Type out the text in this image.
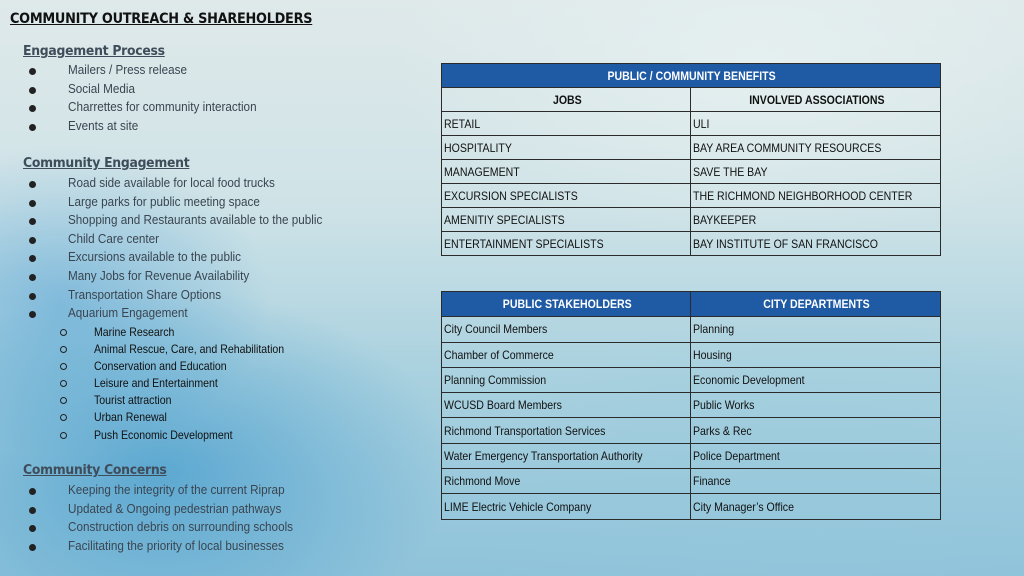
COMMUNITY OUTREACH & SHAREHOLDERS
Engagement Process
Mailers / Press release
Social Media
Charrettes for community interaction
Events at site
Community Engagement
Road side available for local food trucks
Large parks for public meeting space
Shopping and Restaurants available to the public
Child Care center
Excursions available to the public
Many Jobs for Revenue Availability
Transportation Share Options
Aquarium Engagement
Marine Research
Animal Rescue, Care, and Rehabilitation
Conservation and Education
Leisure and Entertainment
Tourist attraction
Urban Renewal
Push Economic Development
Community Concerns
Keeping the integrity of the current Riprap
Updated & Ongoing pedestrian pathways
Construction debris on surrounding schools
Facilitating the priority of local businesses
PUBLIC / COMMUNITY BENEFITS	
JOBS	INVOLVED ASSOCIATIONS
RETAIL	ULI
HOSPITALITY	BAY AREA COMMUNITY RESOURCES
MANAGEMENT	SAVE THE BAY
EXCURSION SPECIALISTS	THE RICHMOND NEIGHBORHOOD CENTER
AMENITIY SPECIALISTS	BAYKEEPER
ENTERTAINMENT SPECIALISTS	BAY INSTITUTE OF SAN FRANCISCO
PUBLIC STAKEHOLDERS	CITY DEPARTMENTS
City Council Members	Planning
Chamber of Commerce	Housing
Planning Commission	Economic Development
WCUSD Board Members	Public Works
Richmond Transportation Services	Parks & Rec
Water Emergency Transportation Authority	Police Department
Richmond Move	Finance
LIME Electric Vehicle Company	City Manager’s Office
